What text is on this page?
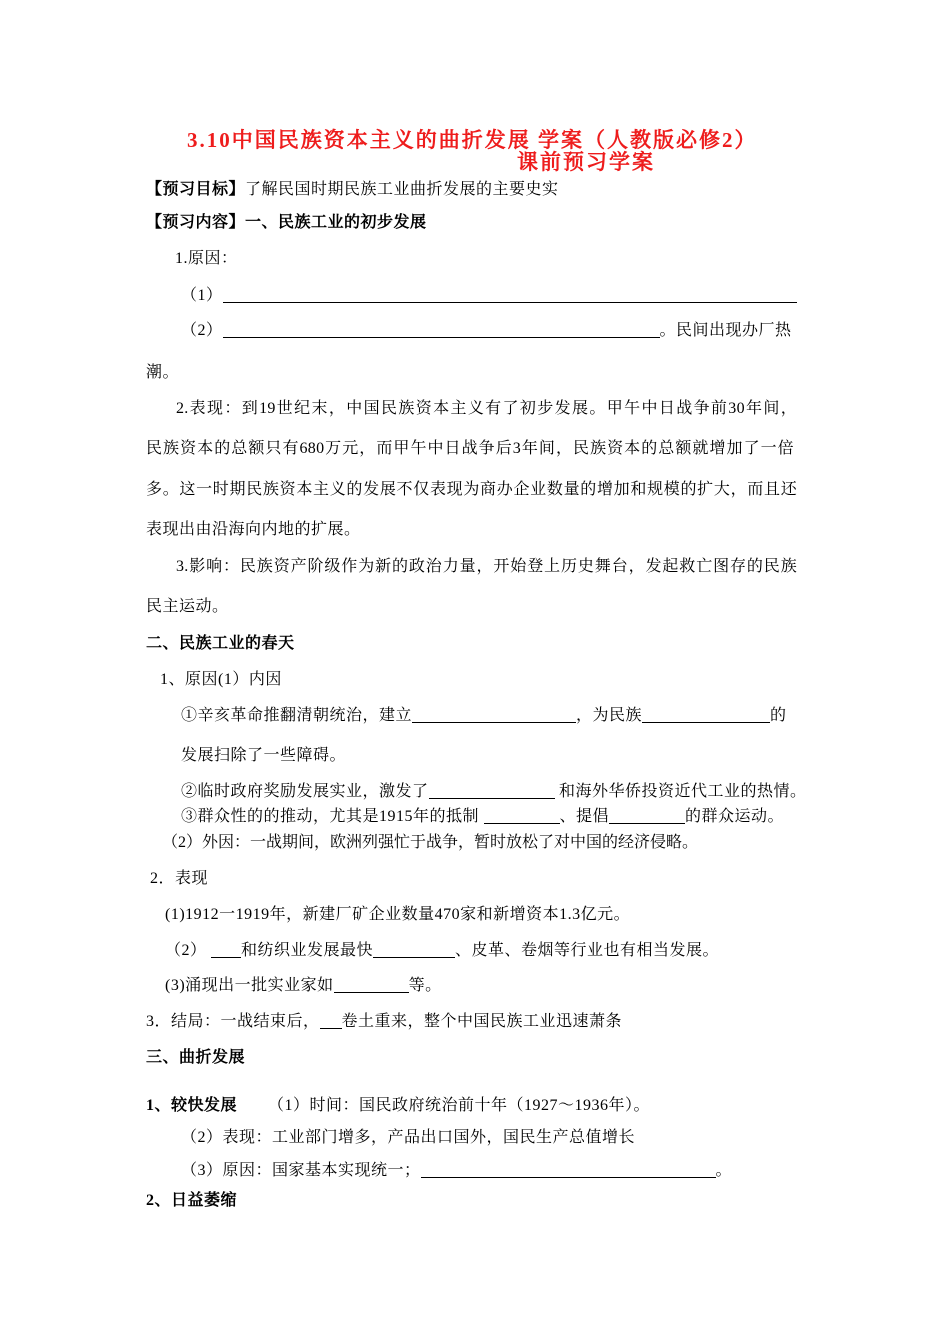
3.10中国民族资本主义的曲折发展 学案（人教版必修2）
课前预习学案
【预习目标】了解民国时期民族工业曲折发展的主要史实
【预习内容】一、民族工业的初步发展
1.原因：
（1）
（2）	。民间出现办厂热
潮。
2.表现：到19世纪末，中国民族资本主义有了初步发展。甲午中日战争前30年间，
民族资本的总额只有680万元，而甲午中日战争后3年间，民族资本的总额就增加了一倍
多。这一时期民族资本主义的发展不仅表现为商办企业数量的增加和规模的扩大，而且还
表现出由沿海向内地的扩展。
3.影响：民族资产阶级作为新的政治力量，开始登上历史舞台，发起救亡图存的民族
民主运动。
二、民族工业的春天
1、原因(1）内因
①辛亥革命推翻清朝统治，建立	，为民族	的
发展扫除了一些障碍。
②临时政府奖励发展实业，激发了	和海外华侨投资近代工业的热情。
③群众性的的推动，尤其是1915年的抵制	、提倡	的群众运动。
（2）外因：一战期间，欧洲列强忙于战争，暂时放松了对中国的经济侵略。
2．表现
(1)1912一1919年，新建厂矿企业数量470家和新增资本1.3亿元。
（2） 和纺织业发展最快	、皮革、卷烟等行业也有相当发展。
(3)涌现出一批实业家如	等。
3．结局：一战结束后， 卷土重来，整个中国民族工业迅速萧条
三、曲折发展
1、较快发展 （1）时间：国民政府统治前十年（1927～1936年）。
（2）表现：工业部门增多，产品出口国外，国民生产总值增长
（3）原因：国家基本实现统一；	。
2、日益萎缩
